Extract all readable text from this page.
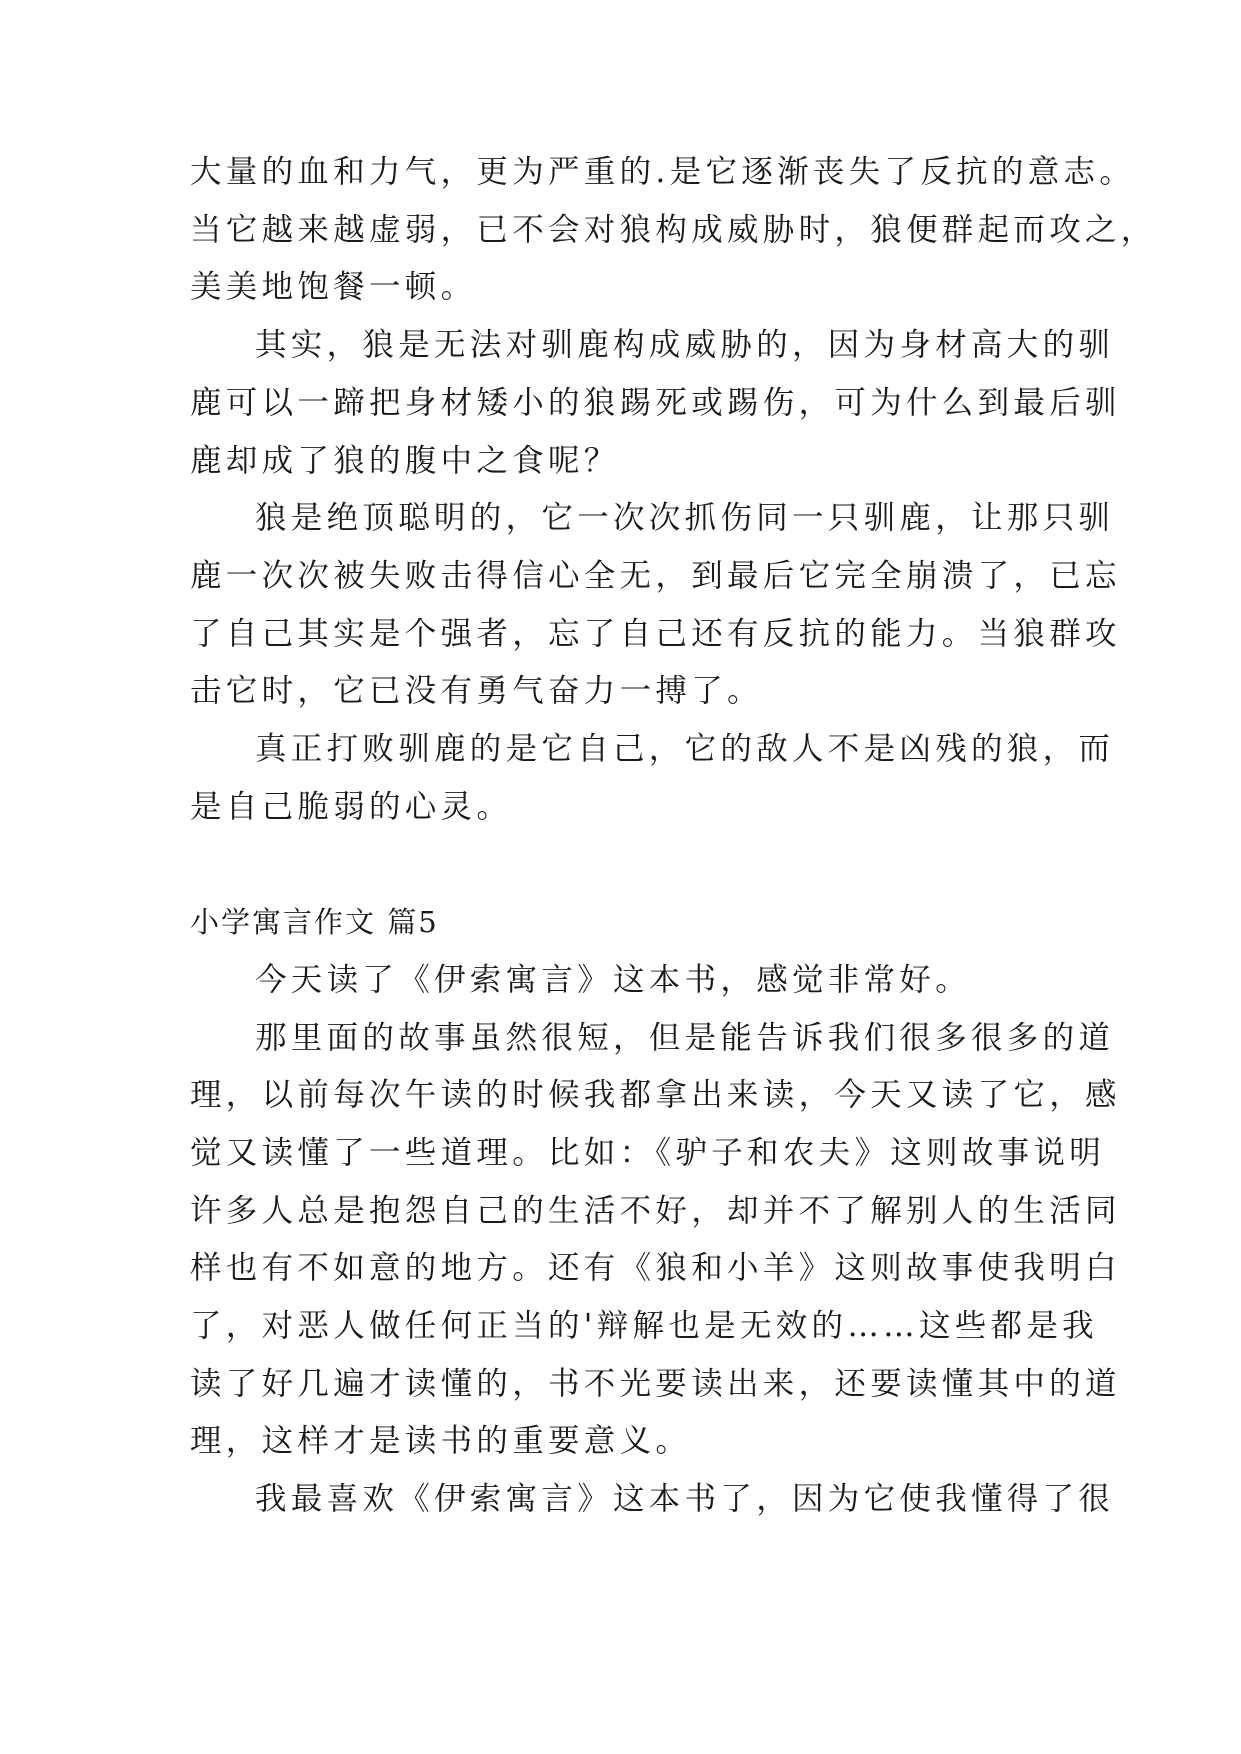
大量的血和力气，更为严重的.是它逐渐丧失了反抗的意志。
当它越来越虚弱，已不会对狼构成威胁时，狼便群起而攻之，
美美地饱餐一顿。
其实，狼是无法对驯鹿构成威胁的，因为身材高大的驯
鹿可以一蹄把身材矮小的狼踢死或踢伤，可为什么到最后驯
鹿却成了狼的腹中之食呢？
狼是绝顶聪明的，它一次次抓伤同一只驯鹿，让那只驯
鹿一次次被失败击得信心全无，到最后它完全崩溃了，已忘
了自己其实是个强者，忘了自己还有反抗的能力。当狼群攻
击它时，它已没有勇气奋力一搏了。
真正打败驯鹿的是它自己，它的敌人不是凶残的狼，而
是自己脆弱的心灵。
小学寓言作文 篇5
今天读了《伊索寓言》这本书，感觉非常好。
那里面的故事虽然很短，但是能告诉我们很多很多的道
理，以前每次午读的时候我都拿出来读，今天又读了它，感
觉又读懂了一些道理。比如：《驴子和农夫》这则故事说明
许多人总是抱怨自己的生活不好，却并不了解别人的生活同
样也有不如意的地方。还有《狼和小羊》这则故事使我明白
了，对恶人做任何正当的'辩解也是无效的……这些都是我
读了好几遍才读懂的，书不光要读出来，还要读懂其中的道
理，这样才是读书的重要意义。
我最喜欢《伊索寓言》这本书了，因为它使我懂得了很
